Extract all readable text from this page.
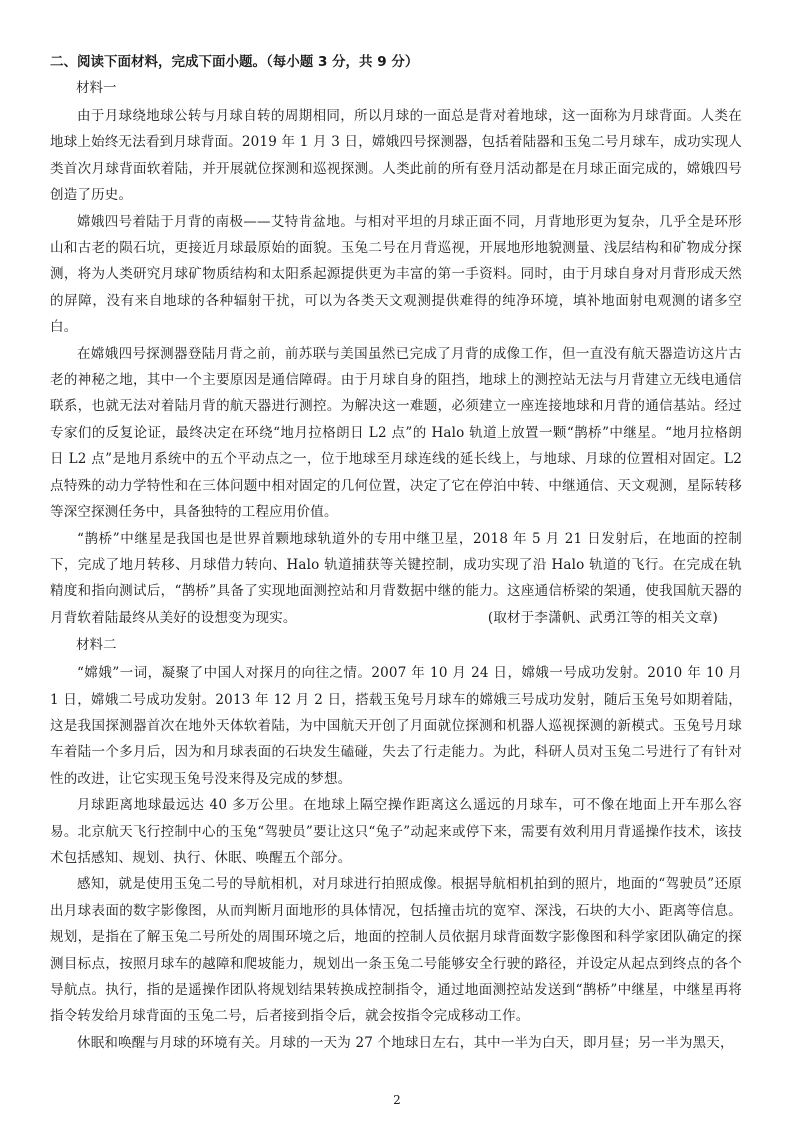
二、阅读下面材料，完成下面小题。（每小题 3 分，共 9 分）
材料一

由于月球绕地球公转与月球自转的周期相同，所以月球的一面总是背对着地球，这一面称为月球背面。人类在地球上始终无法看到月球背面。2019 年 1 月 3 日，嫦娥四号探测器，包括着陆器和玉兔二号月球车，成功实现人类首次月球背面软着陆，并开展就位探测和巡视探测。人类此前的所有登月活动都是在月球正面完成的，嫦娥四号创造了历史。

嫦娥四号着陆于月背的南极——艾特肯盆地。与相对平坦的月球正面不同，月背地形更为复杂，几乎全是环形山和古老的陨石坑，更接近月球最原始的面貌。玉兔二号在月背巡视，开展地形地貌测量、浅层结构和矿物成分探测，将为人类研究月球矿物质结构和太阳系起源提供更为丰富的第一手资料。同时，由于月球自身对月背形成天然的屏障，没有来自地球的各种辐射干扰，可以为各类天文观测提供难得的纯净环境，填补地面射电观测的诸多空白。

在嫦娥四号探测器登陆月背之前，前苏联与美国虽然已完成了月背的成像工作，但一直没有航天器造访这片古老的神秘之地，其中一个主要原因是通信障碍。由于月球自身的阻挡，地球上的测控站无法与月背建立无线电通信联系，也就无法对着陆月背的航天器进行测控。为解决这一难题，必须建立一座连接地球和月背的通信基站。经过专家们的反复论证，最终决定在环绕“地月拉格朗日 L2 点”的 Halo 轨道上放置一颗“鹊桥”中继星。“地月拉格朗日 L2 点”是地月系统中的五个平动点之一，位于地球至月球连线的延长线上，与地球、月球的位置相对固定。L2 点特殊的动力学特性和在三体问题中相对固定的几何位置，决定了它在停泊中转、中继通信、天文观测，星际转移等深空探测任务中，具备独特的工程应用价值。

“鹊桥”中继星是我国也是世界首颗地球轨道外的专用中继卫星，2018 年 5 月 21 日发射后，在地面的控制下，完成了地月转移、月球借力转向、Halo 轨道捕获等关键控制，成功实现了沿 Halo 轨道的飞行。在完成在轨精度和指向测试后，“鹊桥”具备了实现地面测控站和月背数据中继的能力。这座通信桥梁的架通，使我国航天器的月背软着陆最终从美好的设想变为现实。	(取材于李潇帆、武勇江等的相关文章)

材料二

“嫦娥”一词，凝聚了中国人对探月的向往之情。2007 年 10 月 24 日，嫦娥一号成功发射。2010 年 10 月 1 日，嫦娥二号成功发射。2013 年 12 月 2 日，搭载玉兔号月球车的嫦娥三号成功发射，随后玉兔号如期着陆，这是我国探测器首次在地外天体软着陆，为中国航天开创了月面就位探测和机器人巡视探测的新模式。玉兔号月球车着陆一个多月后，因为和月球表面的石块发生磕碰，失去了行走能力。为此，科研人员对玉兔二号进行了有针对性的改进，让它实现玉兔号没来得及完成的梦想。

月球距离地球最远达 40 多万公里。在地球上隔空操作距离这么遥远的月球车，可不像在地面上开车那么容易。北京航天飞行控制中心的玉兔“驾驶员”要让这只“兔子”动起来或停下来，需要有效利用月背遥操作技术，该技术包括感知、规划、执行、休眠、唤醒五个部分。

感知，就是使用玉兔二号的导航相机，对月球进行拍照成像。根据导航相机拍到的照片，地面的“驾驶员”还原出月球表面的数字影像图，从而判断月面地形的具体情况，包括撞击坑的宽窄、深浅，石块的大小、距离等信息。规划，是指在了解玉兔二号所处的周围环境之后，地面的控制人员依据月球背面数字影像图和科学家团队确定的探测目标点，按照月球车的越障和爬坡能力，规划出一条玉兔二号能够安全行驶的路径，并设定从起点到终点的各个导航点。执行，指的是遥操作团队将规划结果转换成控制指令，通过地面测控站发送到“鹊桥”中继星，中继星再将指令转发给月球背面的玉兔二号，后者接到指令后，就会按指令完成移动工作。

休眠和唤醒与月球的环境有关。月球的一天为 27 个地球日左右，其中一半为白天，即月昼；另一半为黑天，

2
